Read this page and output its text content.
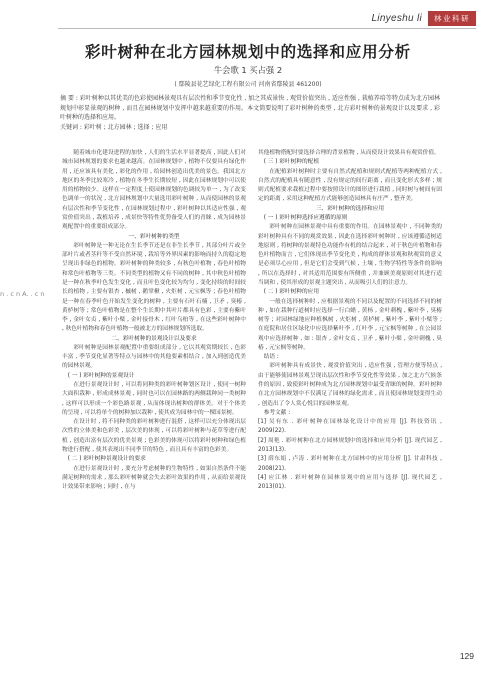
Linyeshu li	林业科研
彩叶树种在北方园林规划中的选择和应用分析
牛会歌 1 买占强 2
( 鄢陵县花艺绿化工程有限公司 河南省鄢陵县 461200)

摘 要 : 彩叶树种以其优美的色彩使园林景观具有层次性和季节变化性 , 加之其成景快 , 观赏价值突出 , 适应性强 , 栽植养培等特点成为北方园林规划中彰显景观的树种 , 而且在园林规划中发挥中越来越重要的作用。本文简要说明了彩叶树种的类型 , 北方彩叶树种的景观设计以及要求 , 彩叶树种的选择和应用。

关键词 : 彩叶树 ; 北方园林 ; 选择 ; 应用

随着城市化建设进程的加快 , 人们的生活水平显著提高 , 因此人们对城市园林规划的要求也越来越高。在园林规划中 , 植物不仅要具有绿化作用 , 还应该具有美化 , 彩化的作用 , 给园林创造出优美的景色。我国北方地区的冬季比较寒冷 , 植物在冬季生长期较短 , 因此在园林规划中可以使用的植物较少。这样在一定程度上使园林规划的色调较为单一 , 为了改变色调单一的状况 , 北方园林规划中大量选用彩叶树种 , 从而使园林的景观有层次性和季节变化性 , 在园林规划过程中 , 彩叶树种以其适应性强 , 观赏价值突出 , 栽植培养 , 成景快等特性优势备受人们的青睐 , 成为园林景观配置中的重要组成部分。
一、彩叶树种的类型
彩叶树种是一种无论在生长季节还是在非生长季节 , 其部分叶片或全部叶片或者茎秆等不受自然环境 , 栽培等外界因素的影响而持久的稳定地呈现出非绿色的植物。彩叶树种的种类较多 , 有秋色叶植物 , 春色叶植物和常色叶植物等三类。不同类型的植物又有不同的树种 , 其中秋色叶植物是一种在秋季叶色发生变化 , 而且叶色变化较为均匀 , 变化持续的时间较长的植物 , 主要有银杏 , 槭树 , 鹅掌楸 , 火炬树 , 元宝枫等 ; 春色叶植物是一种在春季叶色开始发生变化的树种 , 主要有石叶石楠 , 卫矛 , 臭椿 , 黄栌树等 ; 常色叶植物是在整个生长期中其叶片都具有色彩 , 主要有紫叶李 , 金叶女贞 , 紫叶小檗 , 金叶接骨木 , 红叶乌桕等 , 在这些彩叶树种中 , 秋色叶植物和春色叶植物一般被北方的园林规划所选取。
二、彩叶树种的景观设计以及要求
彩叶树种是园林景观配置中重要组成部分 , 它以其观赏期较长 , 色彩丰富 , 季节变化显著等特点与园林中的其他要素相结合 , 加入到创造优美的园林景观。
( 一 ) 彩叶树种的景观设计
在进行景观设计时 , 可以将同种类的彩叶树种划区设计 , 使同一树种大面积栽种 , 形成成林景观 , 同时也可以在园林路的两侧栽种同一类树种 , 这样可以形成一个彩色路景观 , 从而体现出树种的群体美。对于个体美的呈现 , 可以将单个的树种加以栽种 , 使其成为园林中的一棵园景树。
在设计时 , 将不同种类的彩叶树种进行混搭 , 这样可以充分体现出层次性的立体美和色彩美 , 层次美的体现 , 可以将彩叶树种与花草等进行配植 , 创造出富有层次的优美景观 ; 色彩美的体现可以将彩叶树种和绿色植物进行搭配 , 使其表现出不同季节的特色 , 而且具有丰富的色彩美。
( 二 ) 彩叶树种景观设计的要求
在进行景观设计时 , 要充分考虑树种的生物特性 , 如果自然条件不能满足树种的需求 , 那么彩叶树种就会失去彩叶效果的作用 , 从而给景观设计效果带来影响 ; 同时 , 在与
其他植物搭配时要选择合理的背景植物 , 从而使设计效果具有观赏价值。
( 三 ) 彩叶树种的配植
在配植彩叶树种时主要有自然式配植和规则式配植等两种配植方式 , 自然式的配植具有随意性 , 没有规定的间行距离 , 而且变化形式多样 ; 规则式配植要求栽植过程中要按照设计的图形进行栽植 , 同时树与树间有固定的距离 , 采用这种配植方式能够创造园林具有庄严 , 整齐美。
三、彩叶树种的选择和应用
( 一 ) 彩叶树种选择应遵循的原则
彩叶树种在园林景观中具有重要的作用。在园林景观中 , 不同种类的彩叶树种具有不同的观赏效果 , 因此在选择彩叶树种时 , 应该遵循适树适地原则 , 将树种的景观特色功能作有机的结合起来 , 对于秋色叶植物和春色叶植物而言 , 它们体现出季节变化美 , 构成的群体景观和秋观赏的意义是必须尽心应用 , 但是它们会受到气候 , 土壤 , 生物学特性等条件的影响 , 所以在选择时 , 对其适用范围要有所侧重 , 并兼顾美观原则对其进行适当调和 , 使其形成的景观主题突出 , 从而吸引人们的注意力。
( 二 ) 彩叶树种的应用
一般在选择树种时 , 应根据景观的不同以及配置的不同选择不同的树种 , 如在栽种行道树时应选择一行白蜡 , 黄杨 , 金叶刺槐 , 紫叶李 , 臭椿树等 ; 对园林绿地应种植枫树 , 火炬树 , 黄栌树 , 紫叶李 , 紫叶小檗等 ; 在庭院和居住区绿化中应选择紫叶李 , 红叶李 , 元宝枫等树种 , 在公园景观中应选择树种 , 如 : 银杏 , 金叶女贞 , 卫矛 , 紫叶小檗 , 金叶刺槐 , 臭椿 , 元宝枫等树种。
结语 :
彩叶树种具有成景快 , 观赏价值突出 , 适应性强 , 管理方便等特点 , 由于能够使园林景观呈现出层次性和季节变化性等效果 , 加之北方气候条件的原因 , 致使彩叶树种成为北方园林规划中最受青睐的树种。彩叶树种在北方园林规划中不仅满足了园林的绿化需求 , 而且使园林规划变得生动 , 创造出了令人赏心悦目的园林景观。
参考文献 :
[1] 吴有东 . 彩叶树种在园林绿化设计中的应用 [J]. 科技资讯 , 2009(22).
[2] 周艳 . 彩叶树种在北方园林规划中的选择和应用分析 [J]. 现代园艺 , 2013(13).
[3] 薛东娟 , 卢涛 . 彩叶树种在北方园林中的应用分析 [J]. 甘肃科技 , 2008(21).
[4] 应江林 . 彩叶树种在园林景观中的应用与选择 [J]. 现代园艺 , 2013(01).
n . c n A. . c n
129
